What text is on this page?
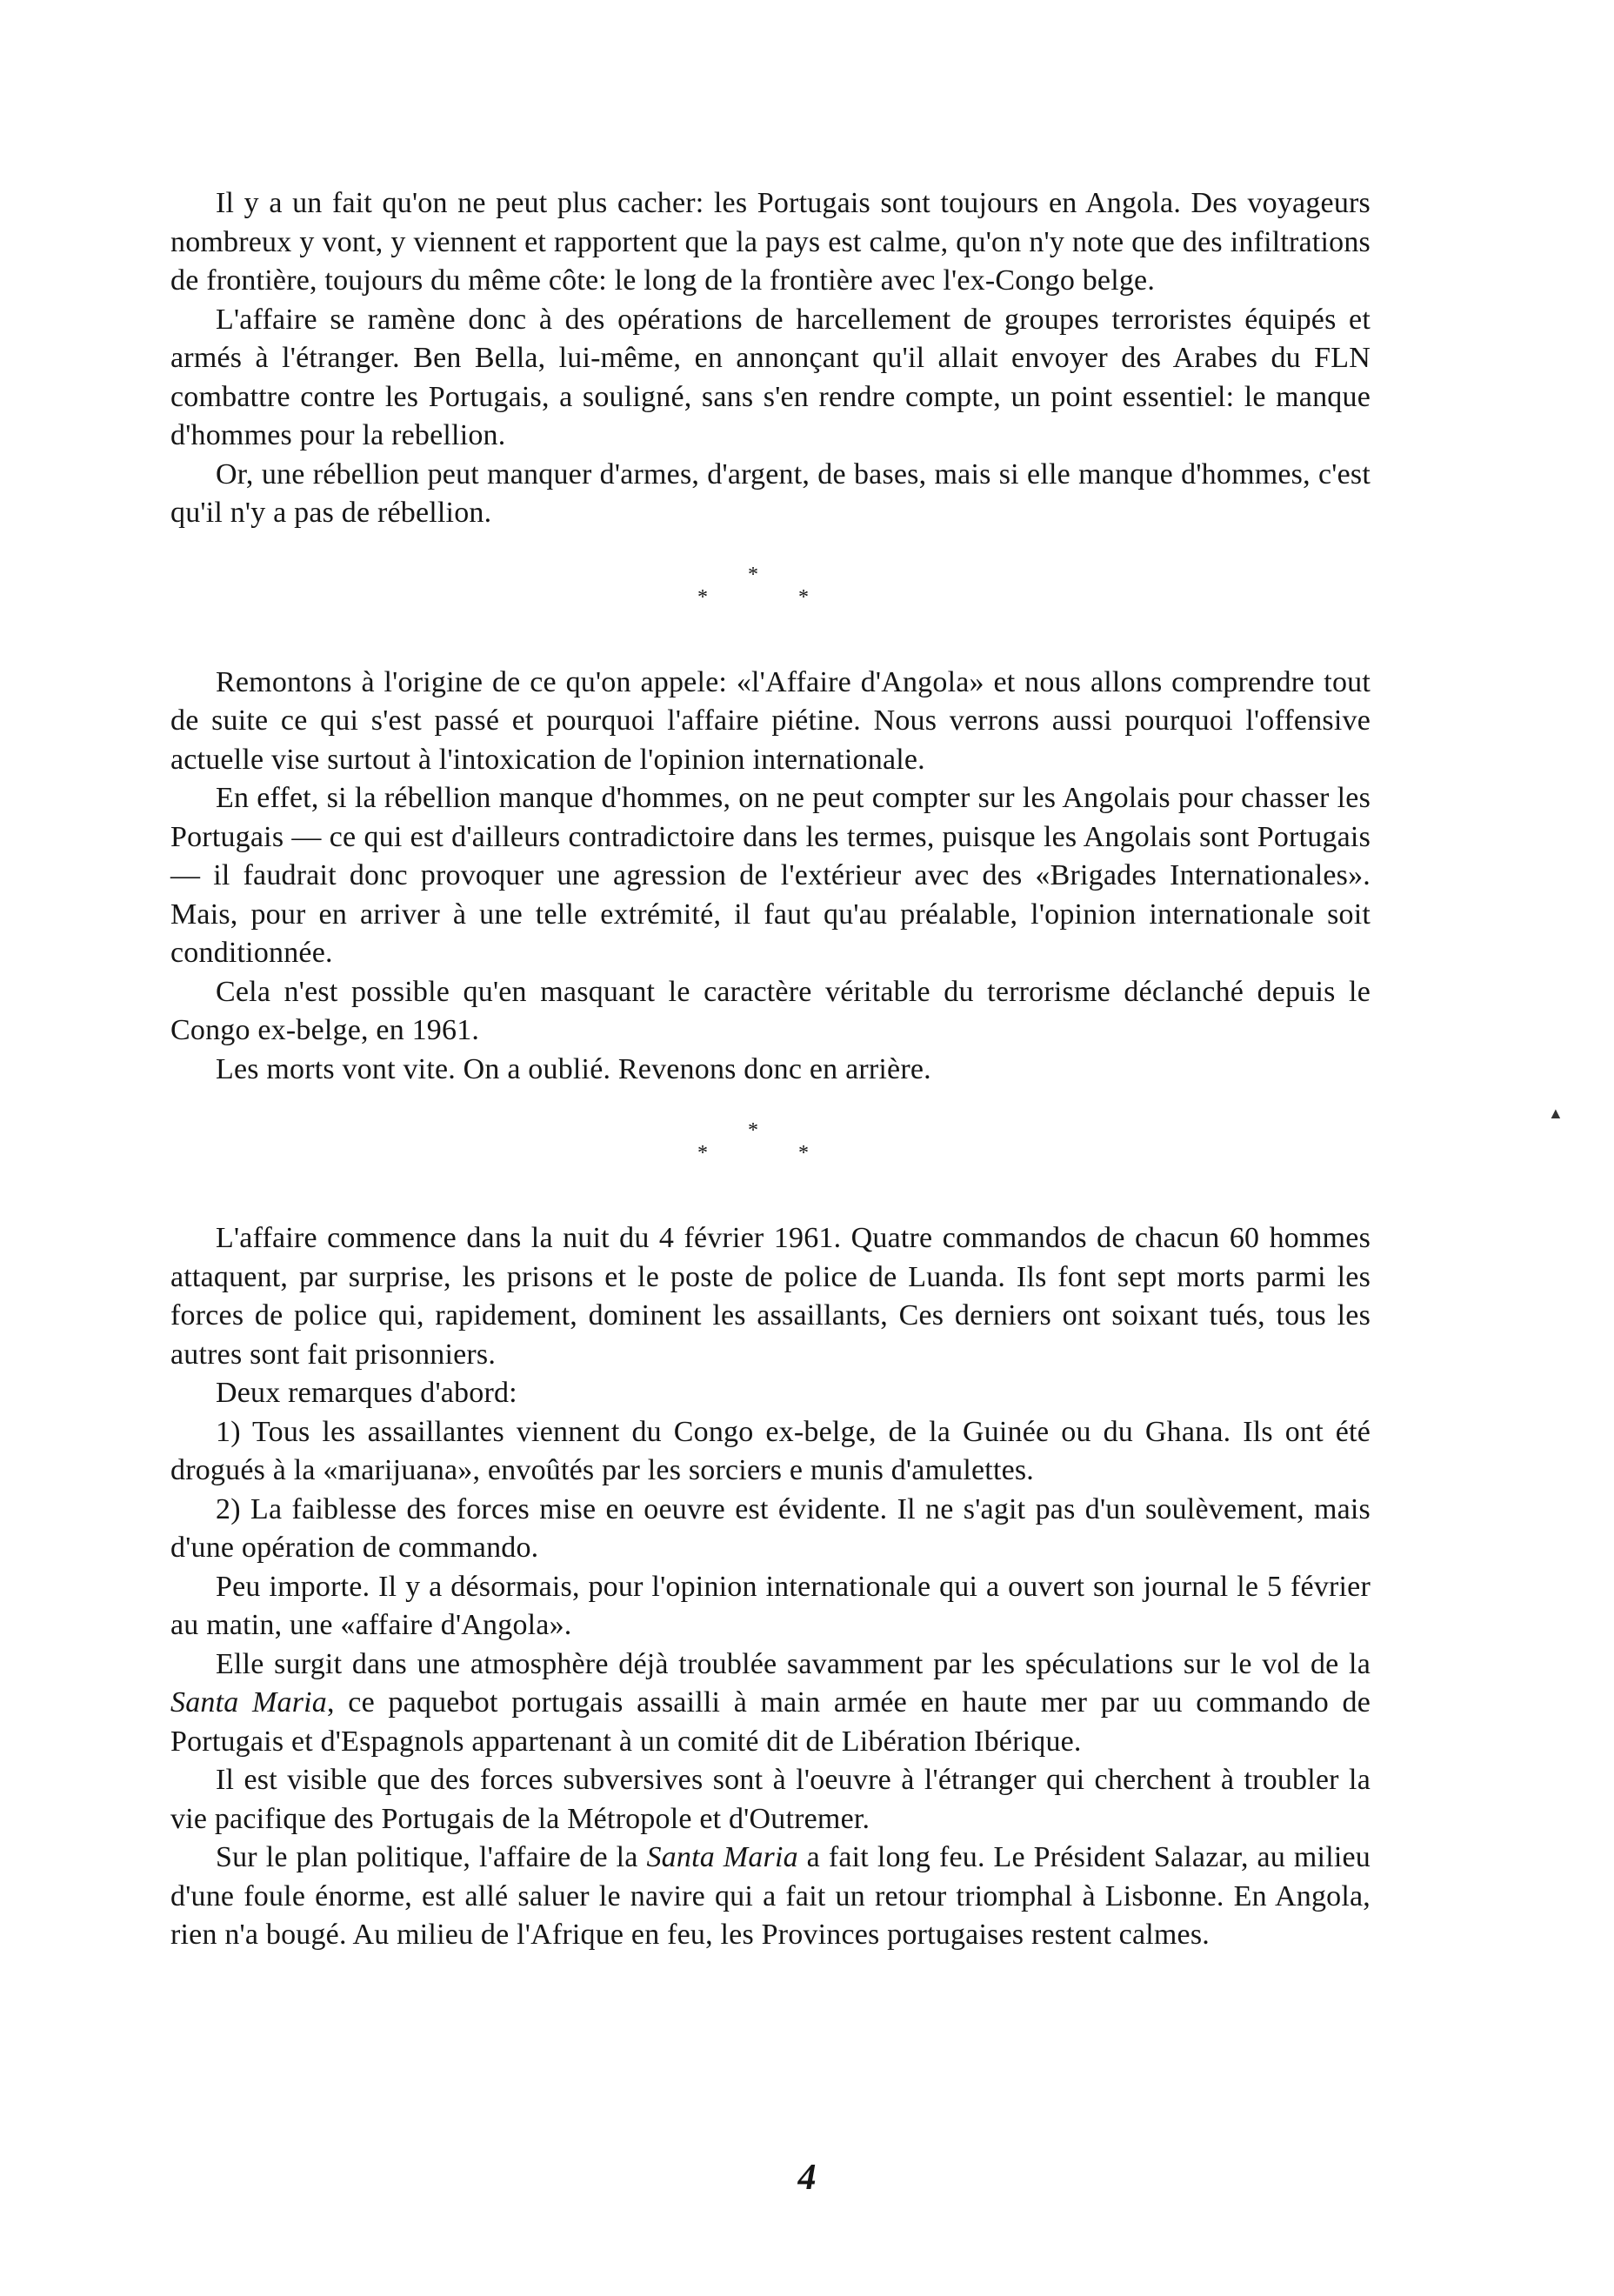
Il y a un fait qu'on ne peut plus cacher: les Portugais sont toujours en Angola. Des voyageurs nombreux y vont, y viennent et rapportent que la pays est calme, qu'on n'y note que des infiltrations de frontière, toujours du même côte: le long de la frontière avec l'ex-Congo belge.

L'affaire se ramène donc à des opérations de harcellement de groupes terroristes équipés et armés à l'étranger. Ben Bella, lui-même, en annonçant qu'il allait envoyer des Arabes du FLN combattre contre les Portugais, a souligné, sans s'en rendre compte, un point essentiel: le manque d'hommes pour la rebellion.

Or, une rébellion peut manquer d'armes, d'argent, de bases, mais si elle manque d'hommes, c'est qu'il n'y a pas de rébellion.

*
*	*

Remontons à l'origine de ce qu'on appele: «l'Affaire d'Angola» et nous allons comprendre tout de suite ce qui s'est passé et pourquoi l'affaire piétine. Nous verrons aussi pourquoi l'offensive actuelle vise surtout à l'intoxication de l'opinion internationale.

En effet, si la rébellion manque d'hommes, on ne peut compter sur les Angolais pour chasser les Portugais — ce qui est d'ailleurs contradictoire dans les termes, puisque les Angolais sont Portugais — il faudrait donc provoquer une agression de l'extérieur avec des «Brigades Internationales». Mais, pour en arriver à une telle extrémité, il faut qu'au préalable, l'opinion internationale soit conditionnée.

Cela n'est possible qu'en masquant le caractère véritable du terrorisme déclanché depuis le Congo ex-belge, en 1961.

Les morts vont vite. On a oublié. Revenons donc en arrière.

*
*	*

L'affaire commence dans la nuit du 4 février 1961. Quatre commandos de chacun 60 hommes attaquent, par surprise, les prisons et le poste de police de Luanda. Ils font sept morts parmi les forces de police qui, rapidement, dominent les assaillants, Ces derniers ont soixant tués, tous les autres sont fait prisonniers.

Deux remarques d'abord:

1) Tous les assaillantes viennent du Congo ex-belge, de la Guinée ou du Ghana. Ils ont été drogués à la «marijuana», envoûtés par les sorciers e munis d'amulettes.

2) La faiblesse des forces mise en oeuvre est évidente. Il ne s'agit pas d'un soulèvement, mais d'une opération de commando.

Peu importe. Il y a désormais, pour l'opinion internationale qui a ouvert son journal le 5 février au matin, une «affaire d'Angola».

Elle surgit dans une atmosphère déjà troublée savamment par les spéculations sur le vol de la Santa Maria, ce paquebot portugais assailli à main armée en haute mer par uu commando de Portugais et d'Espagnols appartenant à un comité dit de Libération Ibérique.

Il est visible que des forces subversives sont à l'oeuvre à l'étranger qui cherchent à troubler la vie pacifique des Portugais de la Métropole et d'Outremer.

Sur le plan politique, l'affaire de la Santa Maria a fait long feu. Le Président Salazar, au milieu d'une foule énorme, est allé saluer le navire qui a fait un retour triomphal à Lisbonne. En Angola, rien n'a bougé. Au milieu de l'Afrique en feu, les Provinces portugaises restent calmes.

▲
4
